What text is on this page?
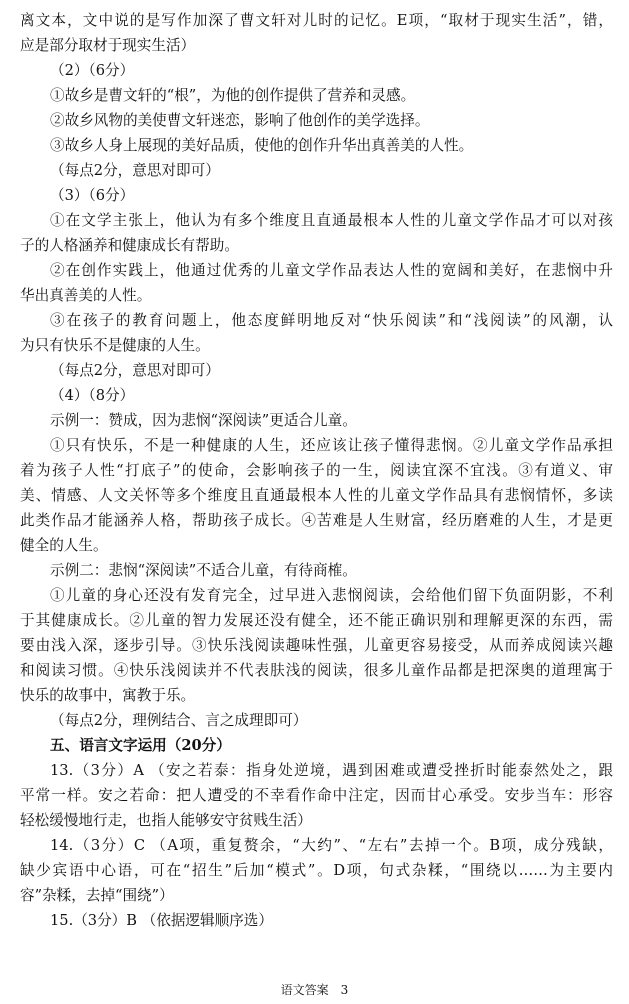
离文本，文中说的是写作加深了曹文轩对儿时的记忆。E项，“取材于现实生活”，错，
应是部分取材于现实生活）
（2）（6分）
①故乡是曹文轩的“根”，为他的创作提供了营养和灵感。
②故乡风物的美使曹文轩迷恋，影响了他创作的美学选择。
③故乡人身上展现的美好品质，使他的创作升华出真善美的人性。
（每点2分，意思对即可）
（3）（6分）
①在文学主张上，他认为有多个维度且直通最根本人性的儿童文学作品才可以对孩
子的人格涵养和健康成长有帮助。
②在创作实践上，他通过优秀的儿童文学作品表达人性的宽阔和美好，在悲悯中升
华出真善美的人性。
③在孩子的教育问题上，他态度鲜明地反对“快乐阅读”和“浅阅读”的风潮，认
为只有快乐不是健康的人生。
（每点2分，意思对即可）
（4）（8分）
示例一：赞成，因为悲悯“深阅读”更适合儿童。
①只有快乐，不是一种健康的人生，还应该让孩子懂得悲悯。②儿童文学作品承担
着为孩子人性“打底子”的使命，会影响孩子的一生，阅读宜深不宜浅。③有道义、审
美、情感、人文关怀等多个维度且直通最根本人性的儿童文学作品具有悲悯情怀，多读
此类作品才能涵养人格，帮助孩子成长。④苦难是人生财富，经历磨难的人生，才是更
健全的人生。
示例二：悲悯“深阅读”不适合儿童，有待商榷。
①儿童的身心还没有发育完全，过早进入悲悯阅读，会给他们留下负面阴影，不利
于其健康成长。②儿童的智力发展还没有健全，还不能正确识别和理解更深的东西，需
要由浅入深，逐步引导。③快乐浅阅读趣味性强，儿童更容易接受，从而养成阅读兴趣
和阅读习惯。④快乐浅阅读并不代表肤浅的阅读，很多儿童作品都是把深奥的道理寓于
快乐的故事中，寓教于乐。
（每点2分，理例结合、言之成理即可）
五、语言文字运用（20分）
13.（3分）A （安之若泰：指身处逆境，遇到困难或遭受挫折时能泰然处之，跟
平常一样。安之若命：把人遭受的不幸看作命中注定，因而甘心承受。安步当车：形容
轻松缓慢地行走，也指人能够安守贫贱生活）
14.（3分）C （A项，重复赘余，“大约”、“左右”去掉一个。B项，成分残缺，
缺少宾语中心语，可在“招生”后加“模式”。D项，句式杂糅，“围绕以……为主要内
容”杂糅，去掉“围绕”）
15.（3分）B （依据逻辑顺序选）
语文答案　3
